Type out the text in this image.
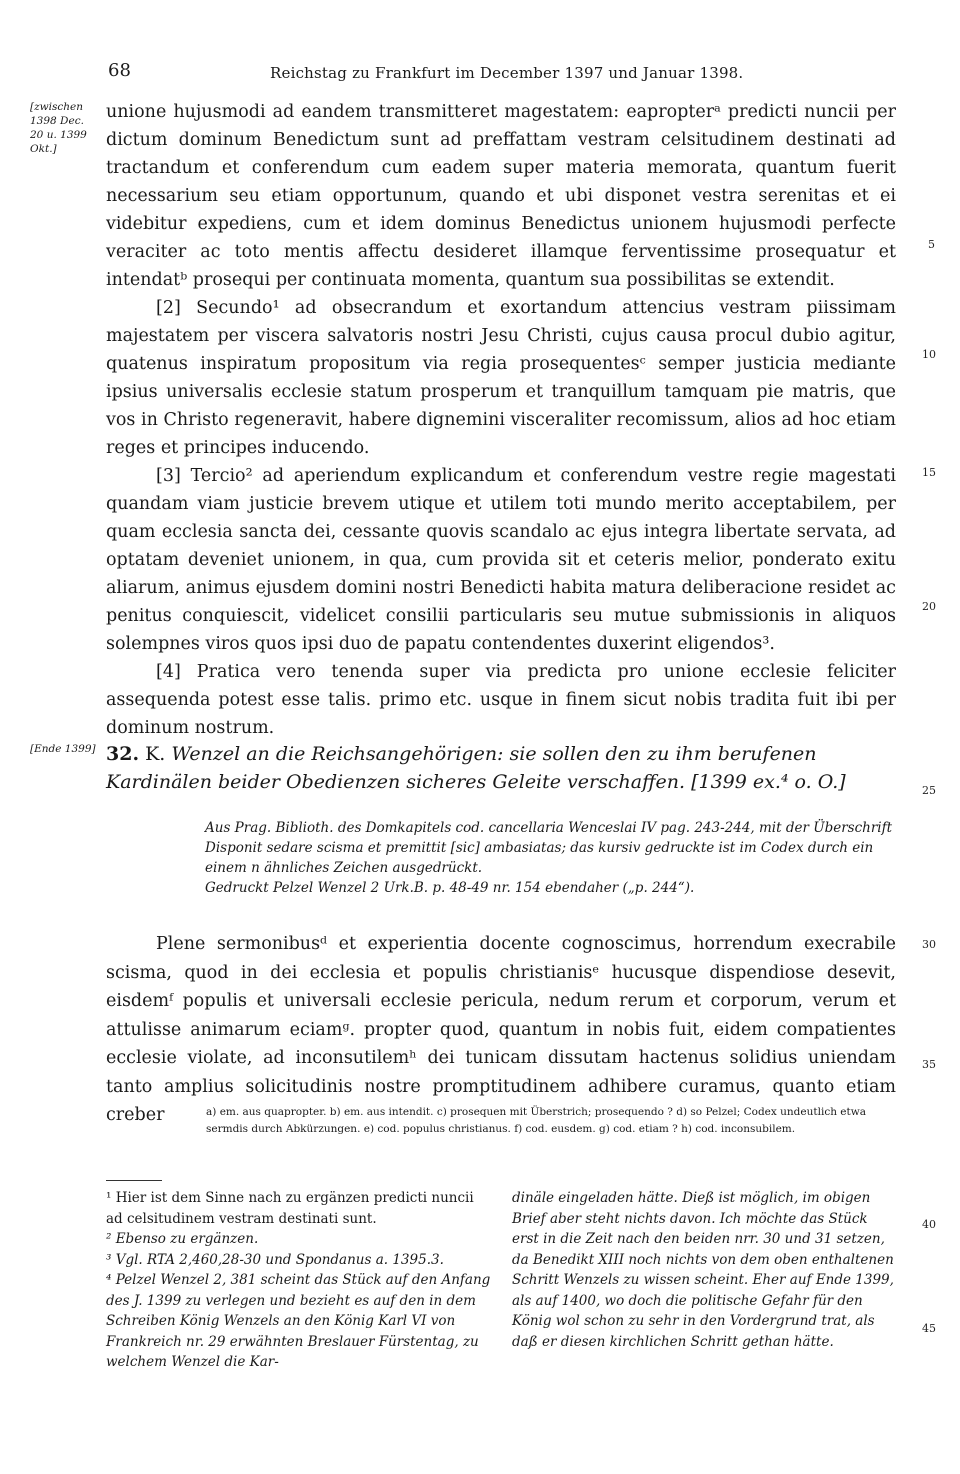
68	Reichstag zu Frankfurt im December 1397 und Januar 1398.
[zwischen 1398 Dec. 20 u. 1399 Okt.]

unione hujusmodi ad eandem transmitteret magestatem: eapropterᵃ predicti nuncii per dictum dominum Benedictum sunt ad preffattam vestram celsitudinem destinati ad tractandum et conferendum cum eadem super materia memorata, quantum fuerit necessarium seu etiam opportunum, quando et ubi disponet vestra serenitas et ei videbitur expediens, cum et idem dominus Benedictus unionem hujusmodi perfecte veraciter ac toto mentis affectu desideret illamque ferventissime prosequatur et intendatᵇ prosequi per continuata momenta, quantum sua possibilitas se extendit.

[2] Secundo¹ ad obsecrandum et exortandum attencius vestram piissimam majestatem per viscera salvatoris nostri Jesu Christi, cujus causa procul dubio agitur, quatenus inspiratum propositum via regia prosequentesᶜ semper justicia mediante ipsius universalis ecclesie statum prosperum et tranquillum tamquam pie matris, que vos in Christo regeneravit, habere dignemini visceraliter recomissum, alios ad hoc etiam reges et principes inducendo.

[3] Tercio² ad aperiendum explicandum et conferendum vestre regie magestati quandam viam justicie brevem utique et utilem toti mundo merito acceptabilem, per quam ecclesia sancta dei, cessante quovis scandalo ac ejus integra libertate servata, ad optatam deveniet unionem, in qua, cum provida sit et ceteris melior, ponderato exitu aliarum, animus ejusdem domini nostri Benedicti habita matura deliberacione residet ac penitus conquiescit, videlicet consilii particularis seu mutue submissionis in aliquos solempnes viros quos ipsi duo de papatu contendentes duxerint eligendos³.

[4] Pratica vero tenenda super via predicta pro unione ecclesie feliciter assequenda potest esse talis. primo etc. usque in finem sicut nobis tradita fuit ibi per dominum nostrum.

5
10
15
20
25
30
35
40
45
[Ende 1399] 32. K. Wenzel an die Reichsangehörigen: sie sollen den zu ihm berufenen Kardinälen beider Obedienzen sicheres Geleite verschaffen. [1399 ex.⁴ o. O.]
Aus Prag. Biblioth. des Domkapitels cod. cancellaria Wenceslai IV pag. 243-244, mit der Überschrift Disponit sedare scisma et premittit [sic] ambasiatas; das kursiv gedruckte ist im Codex durch ein einem n ähnliches Zeichen ausgedrückt.
Gedruckt Pelzel Wenzel 2 Urk.B. p. 48-49 nr. 154 ebendaher („p. 244“).
Plene sermonibusᵈ et experientia docente cognoscimus, horrendum execrabile scisma, quod in dei ecclesia et populis christianisᵉ hucusque dispendiose desevit, eisdemᶠ populis et universali ecclesie pericula, nedum rerum et corporum, verum et attulisse animarum eciamᵍ. propter quod, quantum in nobis fuit, eidem compatientes ecclesie violate, ad inconsutilemʰ dei tunicam dissutam hactenus solidius uniendam tanto amplius solicitudinis nostre promptitudinem adhibere curamus, quanto etiam creber	a) em. aus quapropter. b) em. aus intendit. c) prosequen mit Überstrich; prosequendo ? d) so Pelzel; Codex undeutlich etwa sermdis durch Abkürzungen. e) cod. populus christianus. f) cod. eusdem. g) cod. etiam ? h) cod. inconsubilem.

¹ Hier ist dem Sinne nach zu ergänzen predicti nuncii ad celsitudinem vestram destinati sunt.

² Ebenso zu ergänzen.

³ Vgl. RTA 2,460,28-30 und Spondanus a. 1395.3.

⁴ Pelzel Wenzel 2, 381 scheint das Stück auf den Anfang des J. 1399 zu verlegen und bezieht es auf den in dem Schreiben König Wenzels an den König Karl VI von Frankreich nr. 29 erwähnten Breslauer Fürstentag, zu welchem Wenzel die Kar-

dinäle eingeladen hätte. Dieß ist möglich, im obigen Brief aber steht nichts davon. Ich möchte das Stück erst in die Zeit nach den beiden nrr. 30 und 31 setzen, da Benedikt XIII noch nichts von dem oben enthaltenen Schritt Wenzels zu wissen scheint. Eher auf Ende 1399, als auf 1400, wo doch die politische Gefahr für den König wol schon zu sehr in den Vordergrund trat, als daß er diesen kirchlichen Schritt gethan hätte.
